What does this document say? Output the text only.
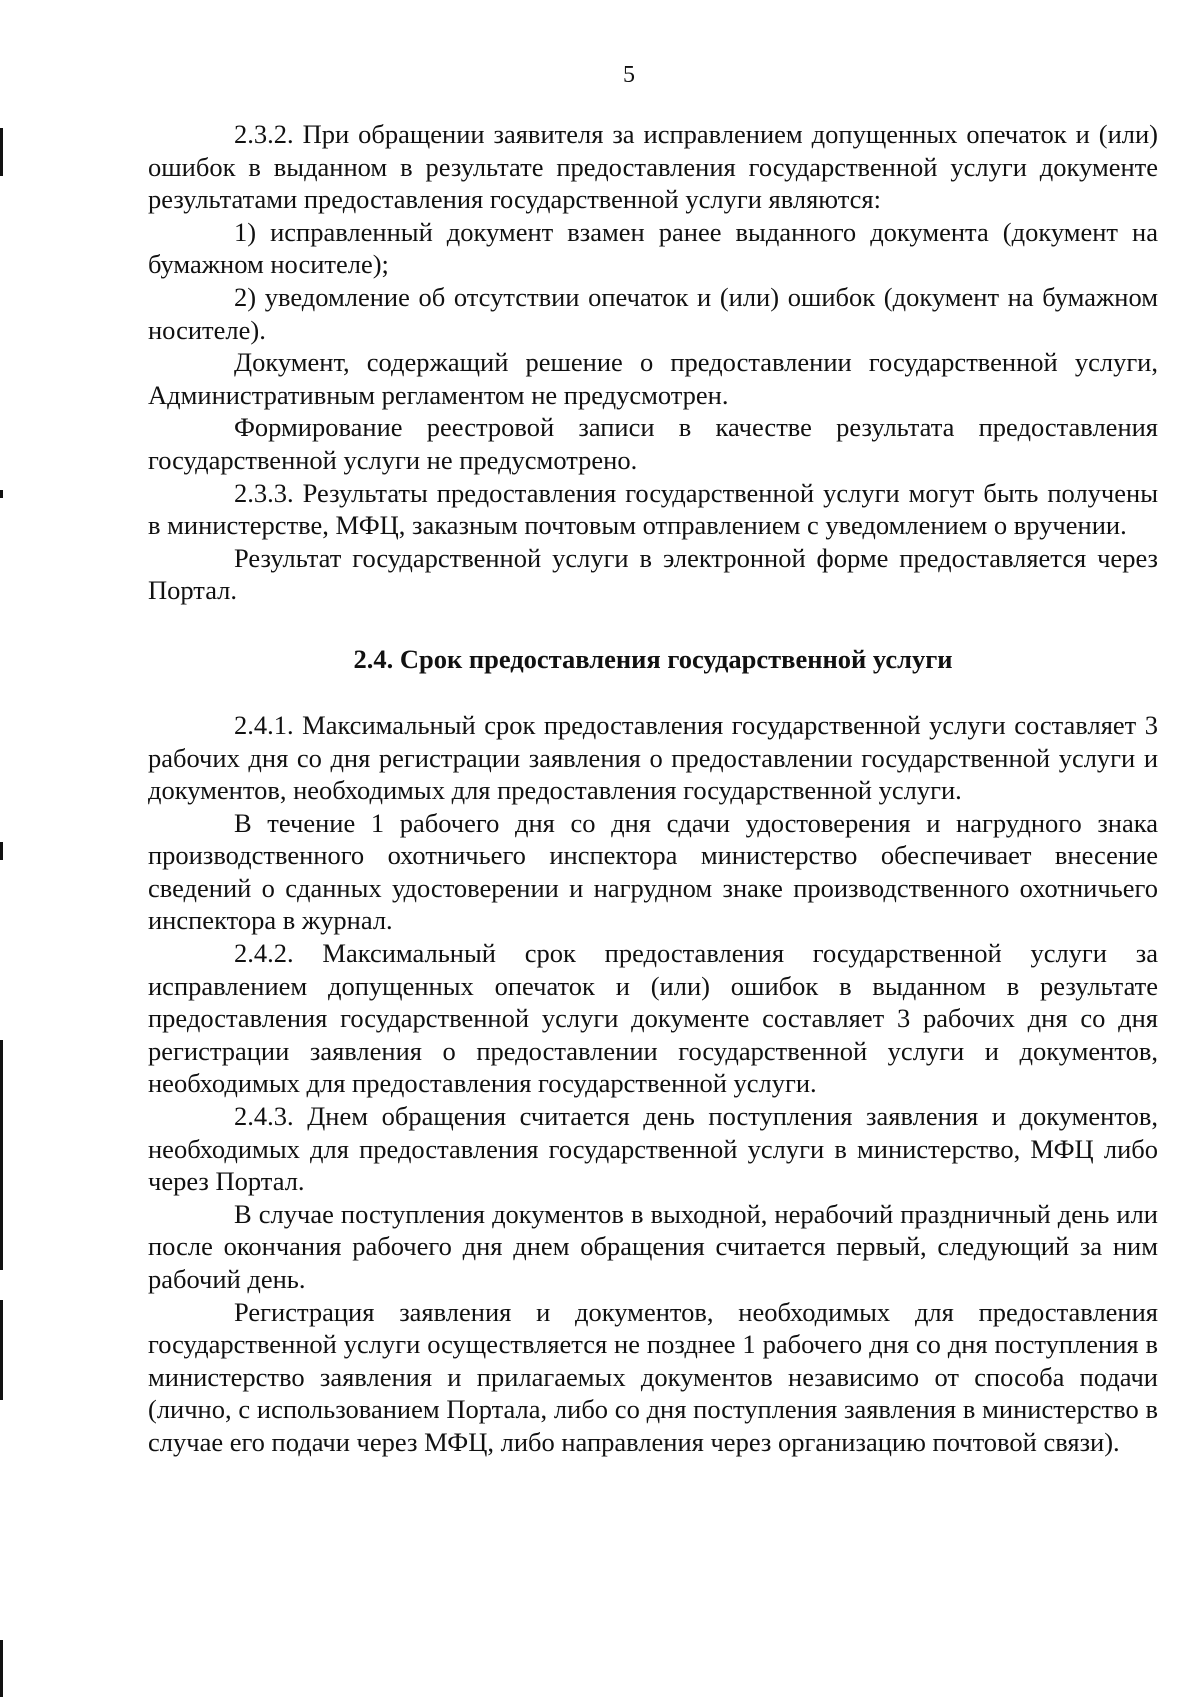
5

2.3.2. При обращении заявителя за исправлением допущенных опечаток и (или) ошибок в выданном в результате предоставления государственной услуги документе результатами предоставления государственной услуги являются:

1) исправленный документ взамен ранее выданного документа (документ на бумажном носителе);

2) уведомление об отсутствии опечаток и (или) ошибок (документ на бумажном носителе).

Документ, содержащий решение о предоставлении государственной услуги, Административным регламентом не предусмотрен.

Формирование реестровой записи в качестве результата предоставления государственной услуги не предусмотрено.

2.3.3. Результаты предоставления государственной услуги могут быть получены в министерстве, МФЦ, заказным почтовым отправлением с уведомлением о вручении.

Результат государственной услуги в электронной форме предоставляется через Портал.

2.4. Срок предоставления государственной услуги

2.4.1. Максимальный срок предоставления государственной услуги составляет 3 рабочих дня со дня регистрации заявления о предоставлении государственной услуги и документов, необходимых для предоставления государственной услуги.

В течение 1 рабочего дня со дня сдачи удостоверения и нагрудного знака производственного охотничьего инспектора министерство обеспечивает внесение сведений о сданных удостоверении и нагрудном знаке производственного охотничьего инспектора в журнал.

2.4.2. Максимальный срок предоставления государственной услуги за исправлением допущенных опечаток и (или) ошибок в выданном в результате предоставления государственной услуги документе составляет 3 рабочих дня со дня регистрации заявления о предоставлении государственной услуги и документов, необходимых для предоставления государственной услуги.

2.4.3. Днем обращения считается день поступления заявления и документов, необходимых для предоставления государственной услуги в министерство, МФЦ либо через Портал.

В случае поступления документов в выходной, нерабочий праздничный день или после окончания рабочего дня днем обращения считается первый, следующий за ним рабочий день.

Регистрация заявления и документов, необходимых для предоставления государственной услуги осуществляется не позднее 1 рабочего дня со дня поступления в министерство заявления и прилагаемых документов независимо от способа подачи (лично, с использованием Портала, либо со дня поступления заявления в министерство в случае его подачи через МФЦ, либо направления через организацию почтовой связи).
